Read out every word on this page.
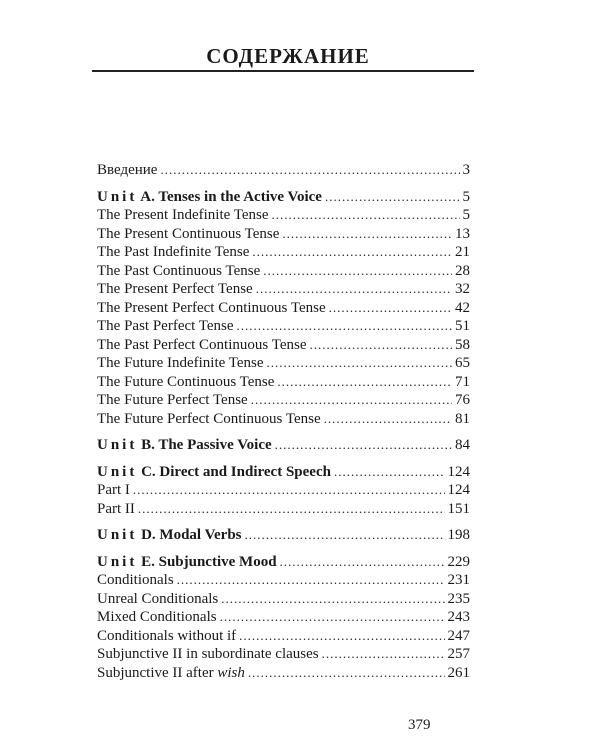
СОДЕРЖАНИЕ
Введение .....	3
Unit A. Tenses in the Active Voice .....	5
The Present Indefinite Tense .....	5
The Present Continuous Tense .....	13
The Past Indefinite Tense .....	21
The Past Continuous Tense .....	28
The Present Perfect Tense .....	32
The Present Perfect Continuous Tense .....	42
The Past Perfect Tense .....	51
The Past Perfect Continuous Tense .....	58
The Future Indefinite Tense .....	65
The Future Continuous Tense .....	71
The Future Perfect Tense .....	76
The Future Perfect Continuous Tense .....	81
Unit B. The Passive Voice .....	84
Unit C. Direct and Indirect Speech .....	124
Part I .....	124
Part II .....	151
Unit D. Modal Verbs .....	198
Unit E. Subjunctive Mood .....	229
Conditionals .....	231
Unreal Conditionals .....	235
Mixed Conditionals .....	243
Conditionals without if .....	247
Subjunctive II in subordinate clauses .....	257
Subjunctive II after wish .....	261
379
